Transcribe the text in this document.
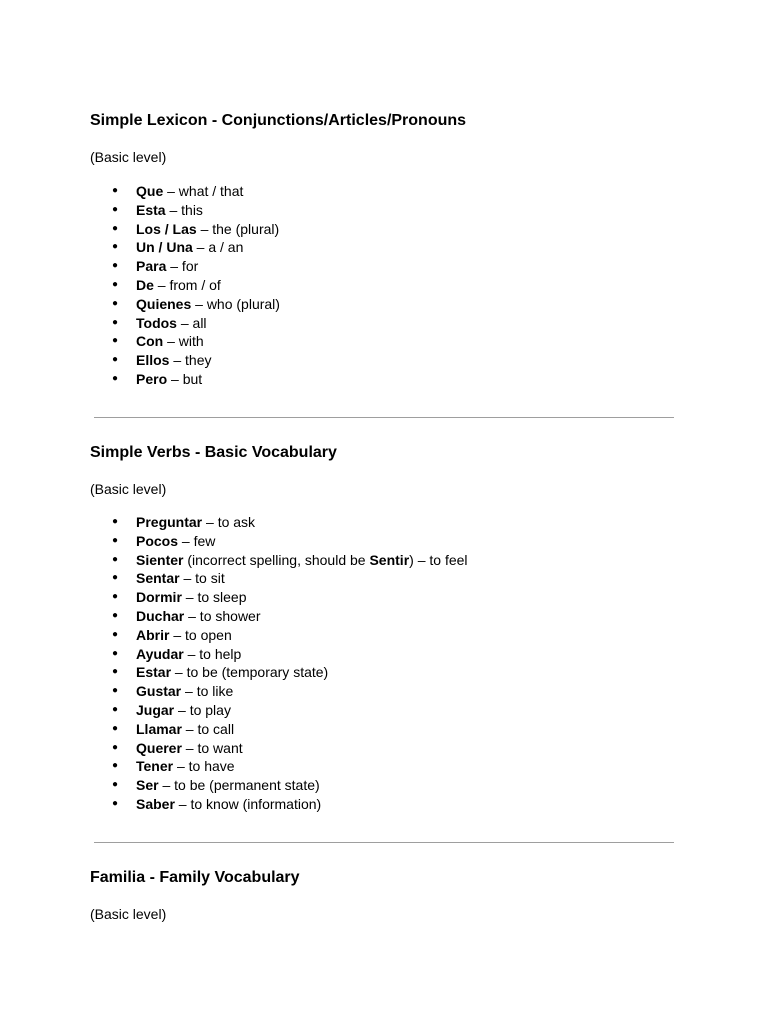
Simple Lexicon - Conjunctions/Articles/Pronouns

(Basic level)

● Que – what / that
● Esta – this
● Los / Las – the (plural)
● Un / Una – a / an
● Para – for
● De – from / of
● Quienes – who (plural)
● Todos – all
● Con – with
● Ellos – they
● Pero – but
Simple Verbs - Basic Vocabulary

(Basic level)

● Preguntar – to ask
● Pocos – few
● Sienter (incorrect spelling, should be Sentir) – to feel
● Sentar – to sit
● Dormir – to sleep
● Duchar – to shower
● Abrir – to open
● Ayudar – to help
● Estar – to be (temporary state)
● Gustar – to like
● Jugar – to play
● Llamar – to call
● Querer – to want
● Tener – to have
● Ser – to be (permanent state)
● Saber – to know (information)
Familia - Family Vocabulary

(Basic level)
